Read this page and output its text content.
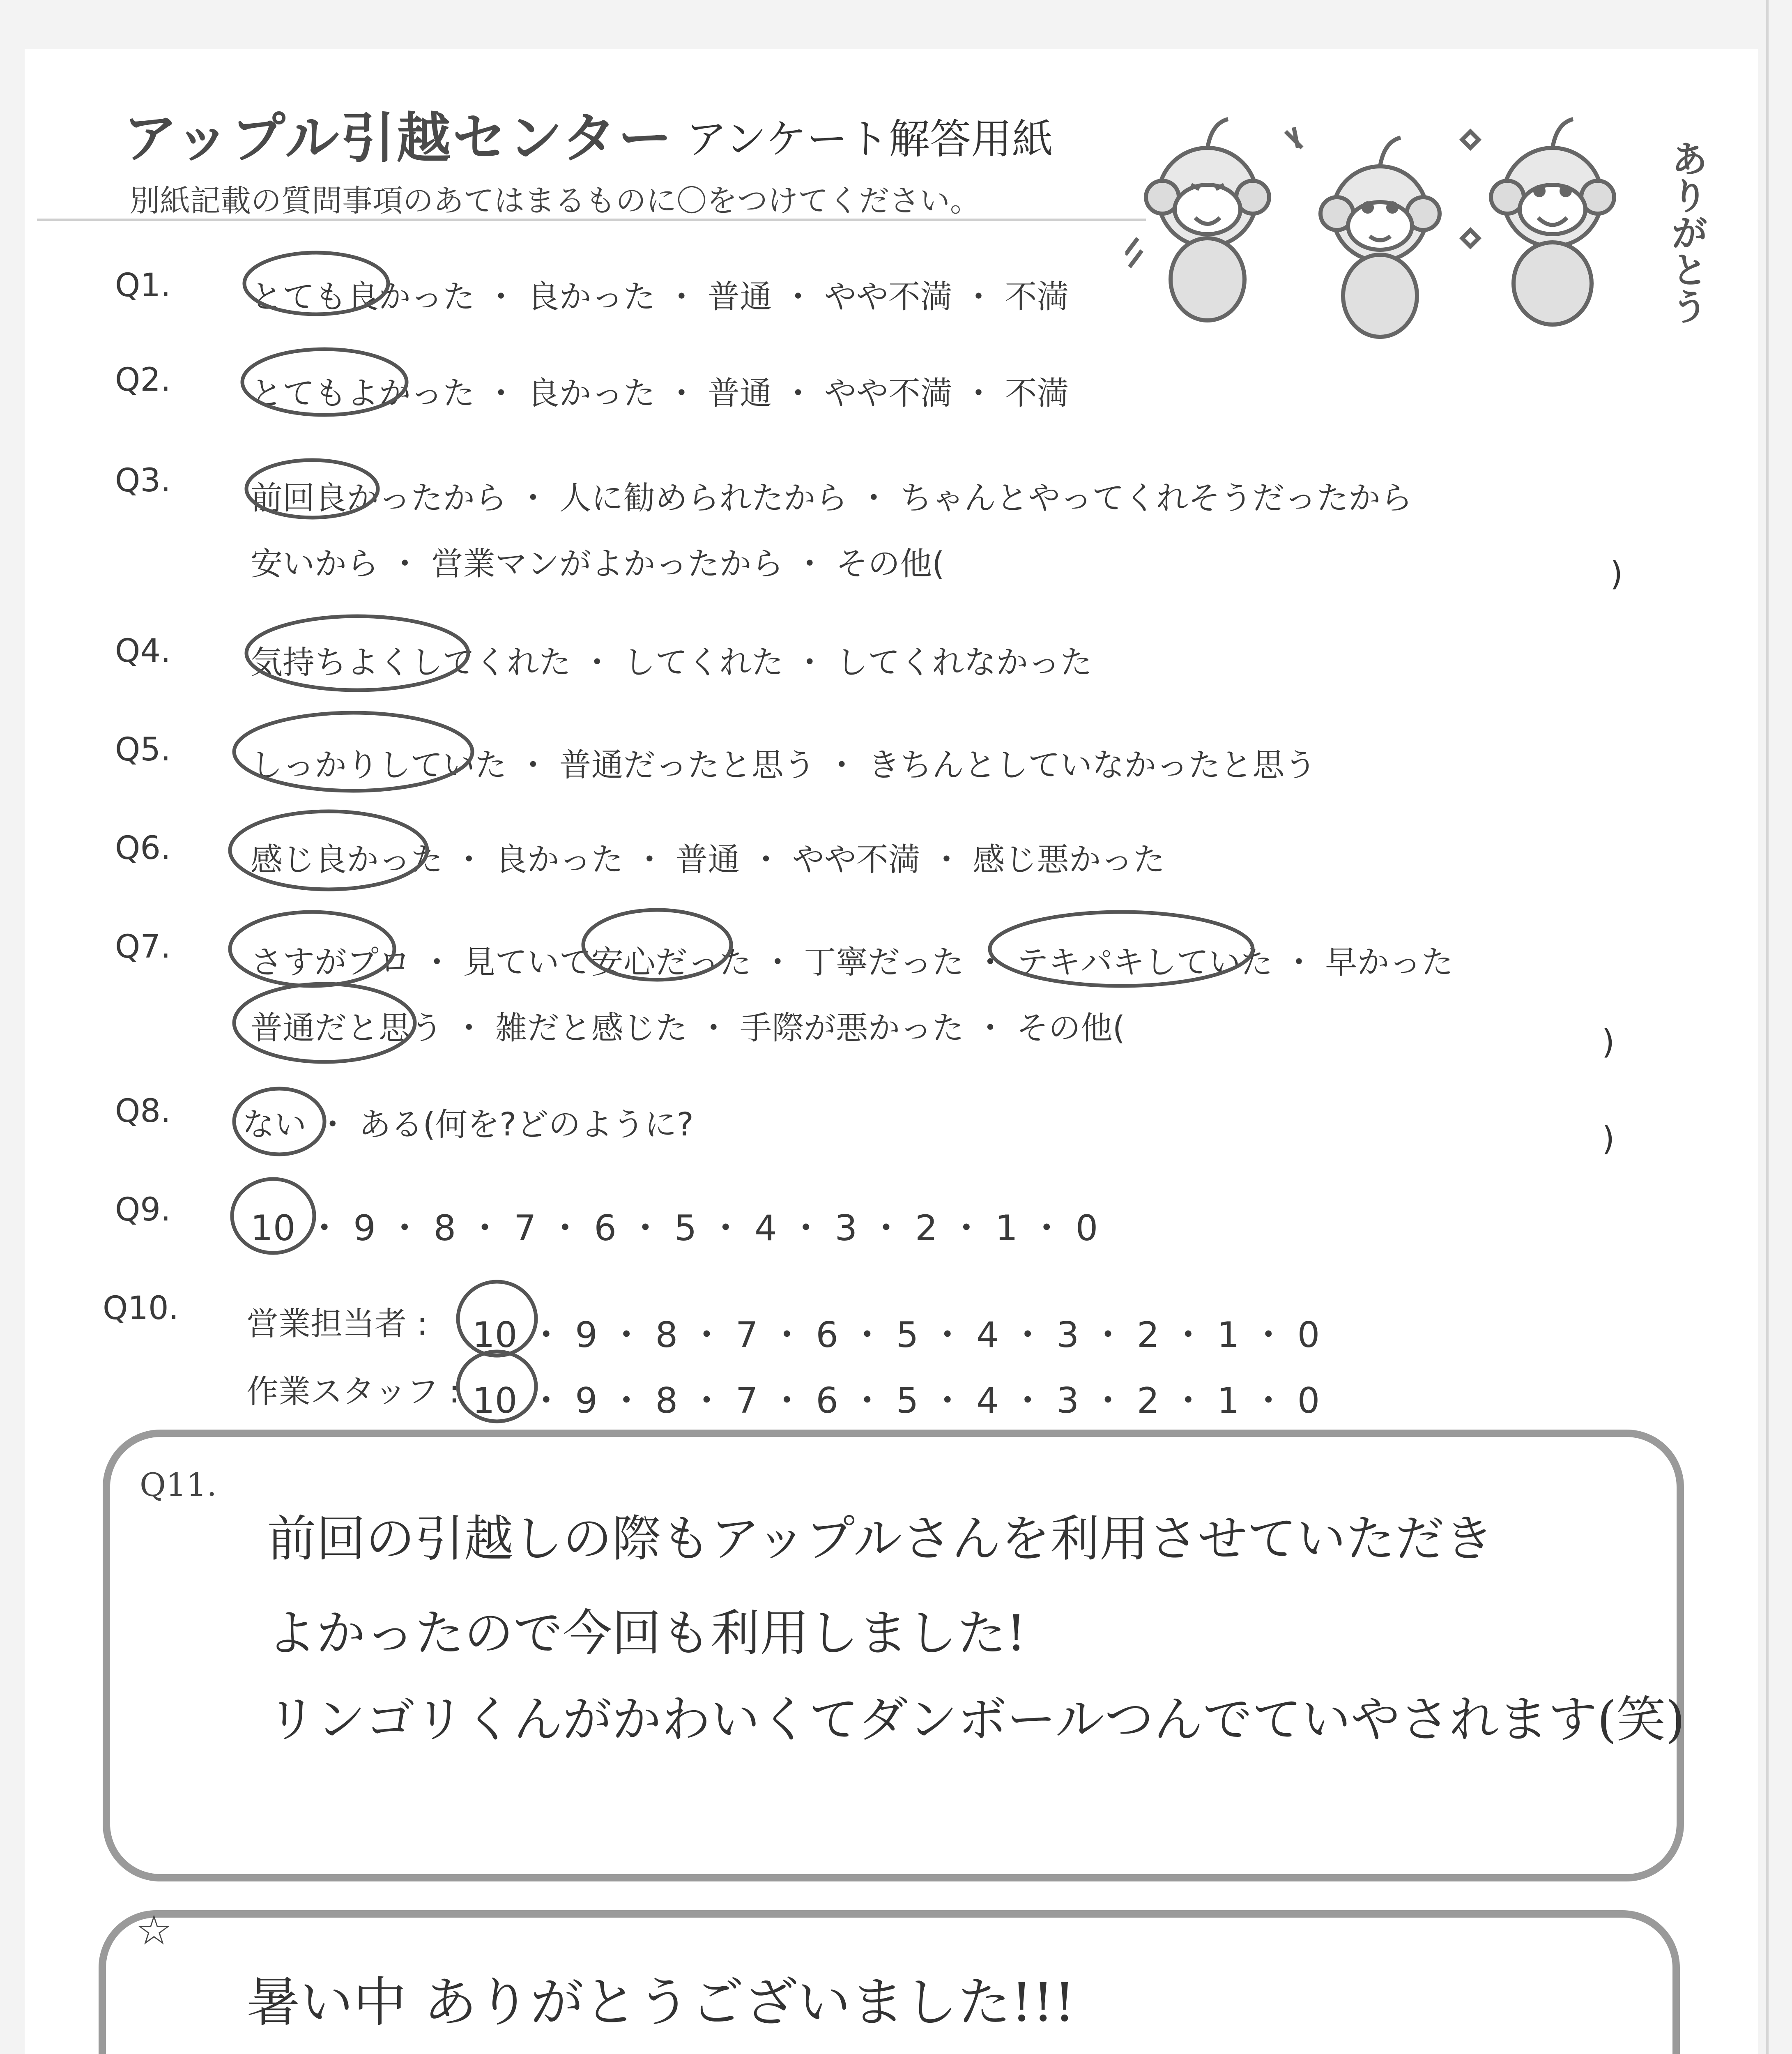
アップル引越センター アンケート解答用紙
別紙記載の質問事項のあてはまるものに〇をつけてください。	ありがとう
Q1. とても良かった ・ 良かった ・ 普通 ・ やや不満 ・ 不満
Q2. とてもよかった ・ 良かった ・ 普通 ・ やや不満 ・ 不満
Q3. 前回良かったから ・ 人に勧められたから ・ ちゃんとやってくれそうだったから
安いから ・ 営業マンがよかったから ・ その他(	)
Q4. 気持ちよくしてくれた ・ してくれた ・ してくれなかった
Q5. しっかりしていた ・ 普通だったと思う ・ きちんとしていなかったと思う
Q6. 感じ良かった ・ 良かった ・ 普通 ・ やや不満 ・ 感じ悪かった
Q7. さすがプロ ・ 見ていて安心だった ・ 丁寧だった ・ テキパキしていた ・ 早かった
普通だと思う ・ 雑だと感じた ・ 手際が悪かった ・ その他(	)
Q8. ない ・ ある(何を?どのように?	)
Q9. 10 ・ 9 ・ 8 ・ 7 ・ 6 ・ 5 ・ 4 ・ 3 ・ 2 ・ 1 ・ 0
Q10. 営業担当者 : 10 ・ 9 ・ 8 ・ 7 ・ 6 ・ 5 ・ 4 ・ 3 ・ 2 ・ 1 ・ 0
作業スタッフ : 10 ・ 9 ・ 8 ・ 7 ・ 6 ・ 5 ・ 4 ・ 3 ・ 2 ・ 1 ・ 0
Q11.
前回の引越しの際もアップルさんを利用させていただき
よかったので今回も利用しました!
リンゴリくんがかわいくてダンボールつんでていやされます(笑)
☆
暑い中 ありがとうございました!!!
